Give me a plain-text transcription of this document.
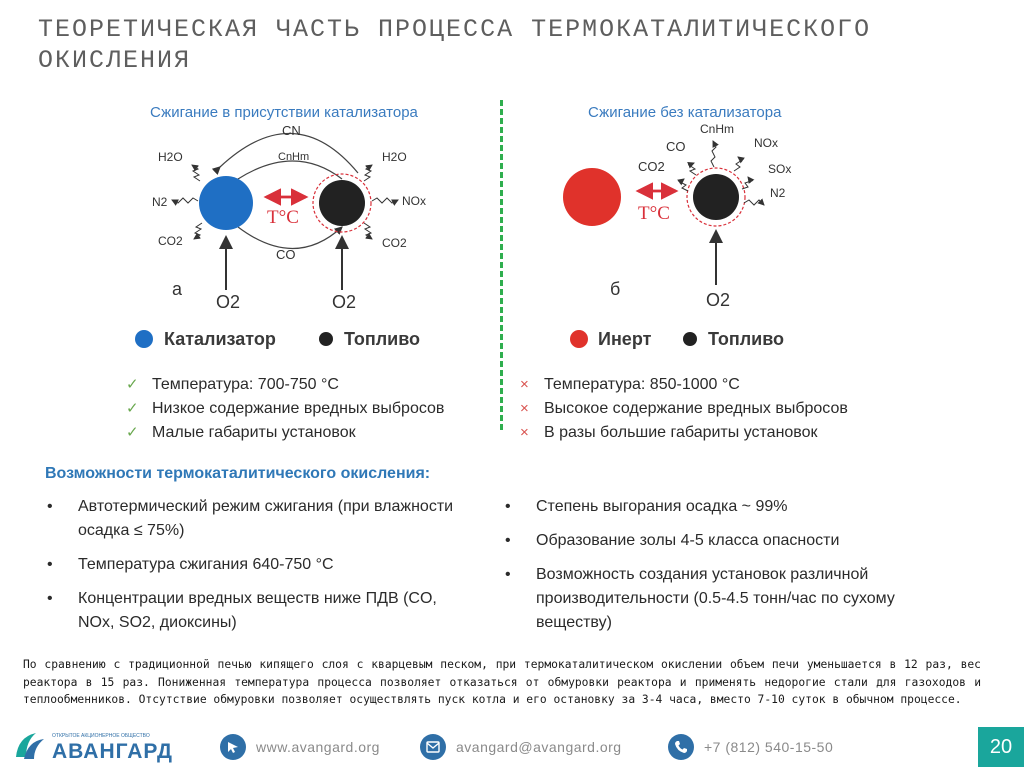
ТЕОРЕТИЧЕСКАЯ ЧАСТЬ ПРОЦЕССА ТЕРМОКАТАЛИТИЧЕСКОГО ОКИСЛЕНИЯ
Сжигание в присутствии катализатора	Сжигание без катализатора
CN
CnHm
CO
T°C
H2O
N2
CO2
H2O
NOx
CO2
а
O2	O2
Катализатор	Топливо
T°C
CnHm
CO
CO2
NOx
SOx
N2
б
O2
Инерт	Топливо
✓ Температура: 700-750 °С
✓ Низкое содержание вредных выбросов
✓ Малые габариты установок
× Температура: 850-1000 °С
× Высокое содержание вредных выбросов
× В разы большие габариты установок
Возможности термокаталитического окисления:
• Автотермический режим сжигания (при влажности осадка ≤ 75%)
• Температура сжигания 640-750 °С
• Концентрации вредных веществ ниже ПДВ (CO, NOx, SO2, диоксины)
• Степень выгорания осадка ~ 99%
• Образование золы 4-5 класса опасности
• Возможность создания установок различной производительности (0.5-4.5 тонн/час по сухому веществу)
По сравнению с традиционной печью кипящего слоя с кварцевым песком, при термокаталитическом окислении объем печи уменьшается в 12 раз, вес реактора в 15 раз. Пониженная температура процесса позволяет отказаться от обмуровки реактора и применять недорогие стали для газоходов и теплообменников. Отсутствие обмуровки позволяет осуществлять пуск котла и его остановку за 3-4 часа, вместо 7-10 суток в обычном процессе.
ОТКРЫТОЕ АКЦИОНЕРНОЕ ОБЩЕСТВО
АВАНГАРД	www.avangard.org	avangard@avangard.org	+7 (812) 540-15-50	20
